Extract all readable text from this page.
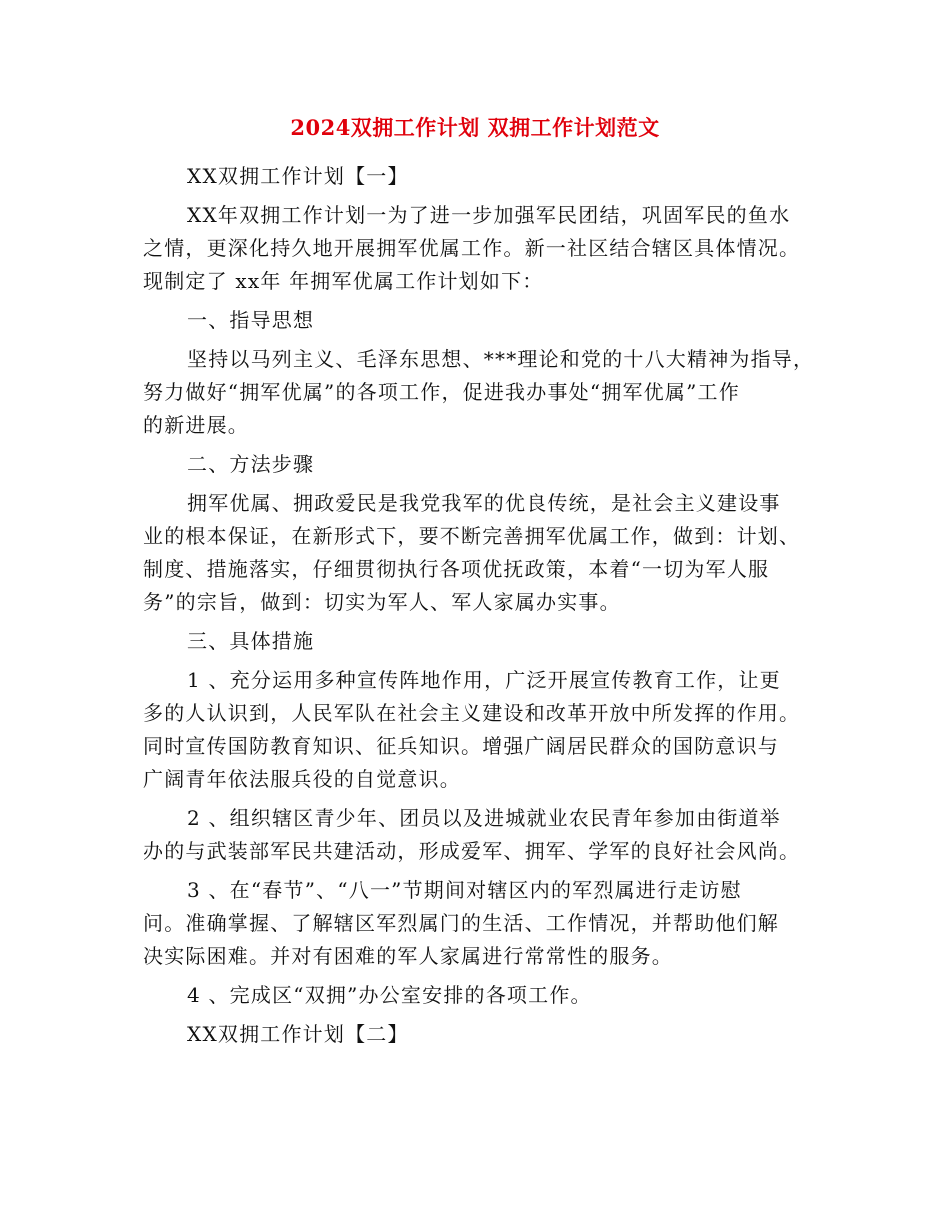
2024双拥工作计划 双拥工作计划范文
XX双拥工作计划【一】
XX年双拥工作计划一为了进一步加强军民团结，巩固军民的鱼水
之情，更深化持久地开展拥军优属工作。新一社区结合辖区具体情况。
现制定了 xx年 年拥军优属工作计划如下：
一、指导思想
坚持以马列主义、毛泽东思想、***理论和党的十八大精神为指导，
努力做好“拥军优属”的各项工作，促进我办事处“拥军优属”工作
的新进展。
二、方法步骤
拥军优属、拥政爱民是我党我军的优良传统，是社会主义建设事
业的根本保证，在新形式下，要不断完善拥军优属工作，做到：计划、
制度、措施落实，仔细贯彻执行各项优抚政策，本着“一切为军人服
务”的宗旨，做到：切实为军人、军人家属办实事。
三、具体措施
1 、充分运用多种宣传阵地作用，广泛开展宣传教育工作，让更
多的人认识到，人民军队在社会主义建设和改革开放中所发挥的作用。
同时宣传国防教育知识、征兵知识。增强广阔居民群众的国防意识与
广阔青年依法服兵役的自觉意识。
2 、组织辖区青少年、团员以及进城就业农民青年参加由街道举
办的与武装部军民共建活动，形成爱军、拥军、学军的良好社会风尚。
3 、在“春节”、“八一”节期间对辖区内的军烈属进行走访慰
问。准确掌握、了解辖区军烈属门的生活、工作情况，并帮助他们解
决实际困难。并对有困难的军人家属进行常常性的服务。
4 、完成区“双拥”办公室安排的各项工作。
XX双拥工作计划【二】
